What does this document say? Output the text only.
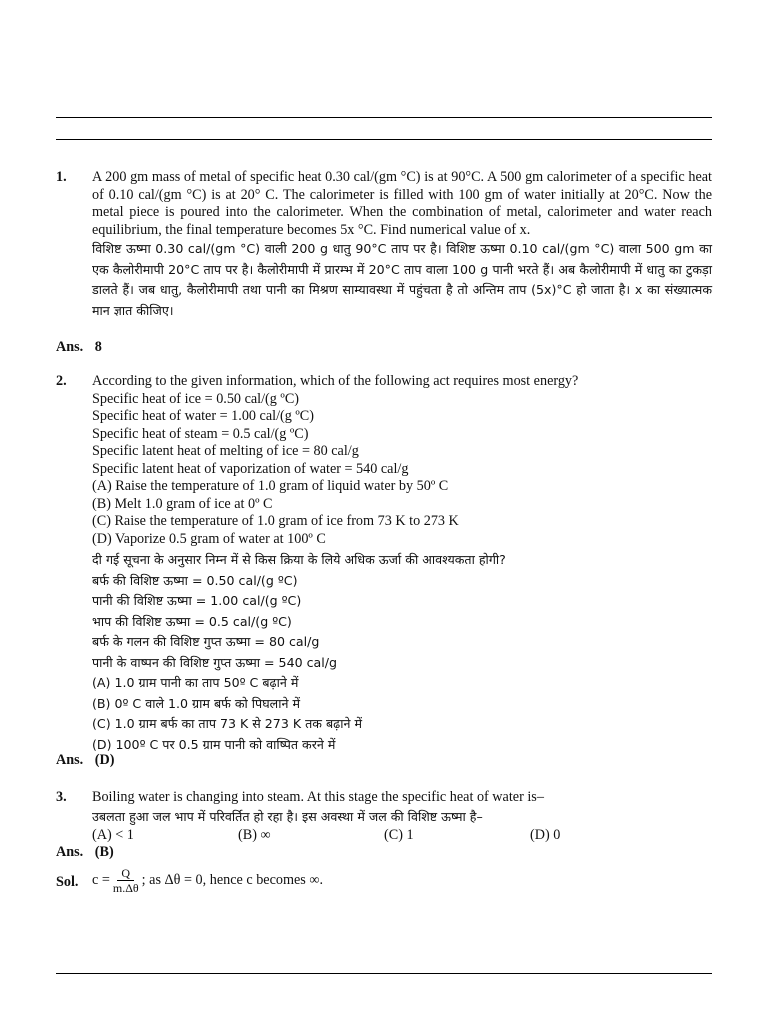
1. A 200 gm mass of metal of specific heat 0.30 cal/(gm °C) is at 90°C. A 500 gm calorimeter of a specific heat of 0.10 cal/(gm °C) is at 20° C. The calorimeter is filled with 100 gm of water initially at 20°C. Now the metal piece is poured into the calorimeter. When the combination of metal, calorimeter and water reach equilibrium, the final temperature becomes 5x °C. Find numerical value of x.

विशिष्ट ऊष्मा 0.30 cal/(gm °C) वाली 200 g धातु 90°C ताप पर है। विशिष्ट ऊष्मा 0.10 cal/(gm °C) वाला 500 gm का एक कैलोरीमापी 20°C ताप पर है। कैलोरीमापी में प्रारम्भ में 20°C ताप वाला 100 g पानी भरते हैं। अब कैलोरीमापी में धातु का टुकड़ा डालते हैं। जब धातु, कैलोरीमापी तथा पानी का मिश्रण साम्यावस्था में पहुंचता है तो अन्तिम ताप (5x)°C हो जाता है। x का संख्यात्मक मान ज्ञात कीजिए।

Ans. 8
2. According to the given information, which of the following act requires most energy?
Specific heat of ice = 0.50 cal/(g ºC)
Specific heat of water = 1.00 cal/(g ºC)
Specific heat of steam = 0.5 cal/(g ºC)
Specific latent heat of melting of ice = 80 cal/g
Specific latent heat of vaporization of water = 540 cal/g
(A) Raise the temperature of 1.0 gram of liquid water by 50º C
(B) Melt 1.0 gram of ice at 0º C
(C) Raise the temperature of 1.0 gram of ice from 73 K to 273 K
(D) Vaporize 0.5 gram of water at 100º C
दी गई सूचना के अनुसार निम्न में से किस क्रिया के लिये अधिक ऊर्जा की आवश्यकता होगी?
बर्फ की विशिष्ट ऊष्मा = 0.50 cal/(g ºC)
पानी की विशिष्ट ऊष्मा = 1.00 cal/(g ºC)
भाप की विशिष्ट ऊष्मा = 0.5 cal/(g ºC)
बर्फ के गलन की विशिष्ट गुप्त ऊष्मा = 80 cal/g
पानी के वाष्पन की विशिष्ट गुप्त ऊष्मा = 540 cal/g
(A) 1.0 ग्राम पानी का ताप 50º C बढ़ाने में
(B) 0º C वाले 1.0 ग्राम बर्फ को पिघलाने में
(C) 1.0 ग्राम बर्फ का ताप 73 K से 273 K तक बढ़ाने में
(D) 100º C पर 0.5 ग्राम पानी को वाष्पित करने में
Ans. (D)
3. Boiling water is changing into steam. At this stage the specific heat of water is–
उबलता हुआ जल भाप में परिवर्तित हो रहा है। इस अवस्था में जल की विशिष्ट ऊष्मा है–
(A) < 1	(B) ∞	(C) 1	(D) 0
Ans. (B)
Sol. $c = \frac{Q}{m.\Delta\theta}$ ; as Δθ = 0, hence c becomes ∞.
